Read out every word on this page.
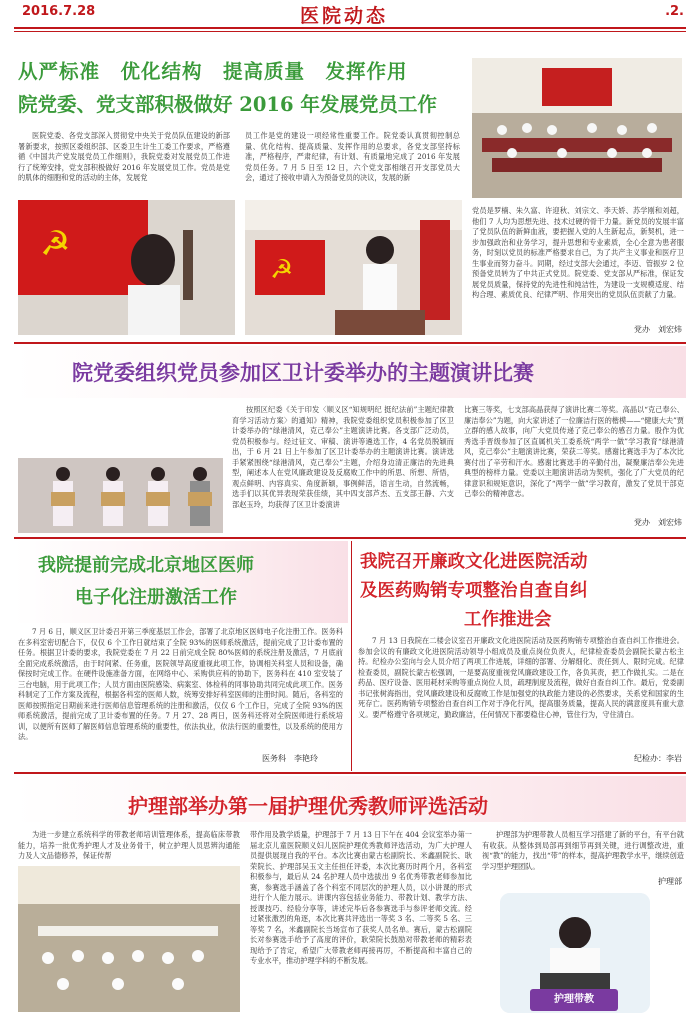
2016.7.28	医院动态	.2.
从严标准　优化结构　提高质量　发挥作用
院党委、党支部积极做好 2016 年发展党员工作
医院党委、各党支部深入贯彻党中央关于党员队伍建设的新部署新要求，按照区委组织部、区委卫生计生工委工作要求，严格遵循《中国共产党发展党员工作细则》，我院党委对发展党员工作进行了统筹安排，党支部积极做好 2016 年发展党员工作。党员是党的肌体的细胞和党的活动的主体，发展党
员工作是党的建设一项经常性重要工作。院党委认真贯彻控制总量、优化结构、提高质量、发挥作用的总要求，各党支部坚持标准，严格程序，严肃纪律，有计划、有质量地完成了 2016 年发展党员任务。7 月 5 日至 12 日，六个党支部相继召开支部党员大会，通过了接收申请入为预备党员的决议，发展的新
☭
☭
党员是罗楠、朱久富、许迎秋、刘宗文、李天娇、苏学刚和刘超，他们 7 人均为思想先进、技术过硬的骨干力量。新党员的发展丰富了党员队伍的新鲜血液，要把握入党的人生新起点，新契机，进一步加强政治和业务学习，提升思想和专业素质，全心全意为患者服务，时刻以党员的标准严格要求自己，为了共产主义事业和医疗卫生事业而努力奋斗。同期，经过支部大会通过，李迈、管振岁 2 位预备党员转为了中共正式党员。院党委、党支部从严标准，保证发展党员质量，保持党的先进性和纯洁性，为建设一支规模适度、结构合理、素质优良、纪律严明、作用突出的党员队伍贡献了力量。
党办　刘宏炜
院党委组织党员参加区卫计委举办的主题演讲比赛
按照区纪委《关于印发〈顺义区“知规明纪 挺纪法前”主题纪律教育学习活动方案〉的通知》精神，我院党委组织党员积极参加了区卫计委举办的“绿港清风，克己奉公”主题演讲比赛。各支部广泛动员，党员积极参与。经过征文、审稿、演讲等遴选工作，4 名党员脱颖而出，于 6 月 21 日上午参加了区卫计委举办的主题演讲比赛。演讲选手紧紧围绕“绿港清风，克己奉公”主题，介绍身边清正廉洁的先进典型，阐述本人在党风廉政建设及反腐败工作中的所思、所想、所悟，观点鲜明、内容真实、角度新颖，事例鲜活，语言生动，自然流畅，选手们以其优异表现荣获佳绩，其中四支部芦杰、五支部王静、六支部赵玉玲，均获得了区卫计委演讲
比赛三等奖，七支部高晶获得了演讲比赛二等奖。高晶以“克己奉公、廉洁奉公”为题，向大家讲述了一位廉洁行医的楷模——“健康大夫”贾立群的感人故事，向广大党员传递了克己奉公的感召力量。殷作为优秀选手晋级参加了区直属机关工委系统“两学一做”学习教育“绿港清风，克己奉公”主题演讲比赛，荣获二等奖。感谢比赛选手为了本次比赛付出了辛劳和汗水。感谢比赛选手的辛勤付出，凝聚廉洁奉公先进典型的榜样力量。党委以主题演讲活动为契机，强化了广大党员的纪律意识和规矩意识，深化了“两学一做”学习教育，激发了党员干部克己奉公的精神意志。
党办　刘宏炜
我院提前完成北京地区医师
电子化注册激活工作
7 月 6 日，顺义区卫计委召开第三季度基层工作会，部署了北京地区医师电子化注册工作。医务科在多科室密切配合下，仅仅 6 个工作日就结束了全院 93%的医师系统激活，提前完成了卫计委布置的任务。根据卫计委的要求，我院党委在 7 月 22 日前完成全院 80%医师的系统注册及激活，7 月底前全面完成系统激活，由于时间紧、任务重，医院领导高度重视此项工作，协调相关科室人员和设备，确保按时完成工作。在硬件设施准备方面，在网络中心、采购供应科的协助下，医务科在 410 室安装了三台电脑，用于此项工作；人员方面由医院感染、病案室、体检科的同事协助共同完成此项工作。医务科制定了工作方案及流程，根据各科室的医师人数，统筹安排好科室医师的注册时间。随后，各科室的医师按照指定日期前来进行医师信息管理系统的注册和激活，仅仅 6 个工作日，完成了全院 93%的医师系统激活，提前完成了卫计委布置的任务。7 月 27、28 两日，医务科还将对全院医师进行系统培训，以便所有医师了解医师信息管理系统的重要性，依法执业，依法行医的重要性，以及系统的使用方法。
医务科　李艳玲
我院召开廉政文化进医院活动
及医药购销专项整治自查自纠
工作推进会
7 月 13 日我院在二楼会议室召开廉政文化进医院活动及医药购销专项整治自查自纠工作推进会。参加会议的有廉政文化进医院活动领导小组成员及重点岗位负责人，纪律检查委员会副院长蒙古松主持。纪检办公室向与会人员介绍了两项工作进展，详细的部署、分解细化、责任到人、限时完成。纪律检查委员，副院长蒙古松强调，一是要高度重视党风廉政建设工作，各负其责，把工作做扎实。二是在药品、医疗设备、医用耗材采购等重点岗位人员，疏理制度及流程，做好自查自纠工作。最后，党委副书记张树海指出，党风廉政建设和反腐败工作是加强党的执政能力建设的必然要求，关系党和国家的生死存亡。医药购销专项整治自查自纠工作对于净化行风，提高服务质量，提高人民的满意度具有重大意义。要严格遵守各项规定，勤政廉洁，任何情况下都要稳住心神，管住行为，守住清白。
纪检办：李岩
护理部举办第一届护理优秀教师评选活动
为进一步建立系统科学的带教老师培训管理体系，提高临床带教能力，培养一批优秀护理人才及业务骨干，树立护理人员思辨沟通能力及人文品德修养，保证传帮
带作用及教学质量，护理部于 7 月 13 日下午在 404 会议室举办第一届北京儿童医院顺义妇儿医院护理优秀教师评选活动，为广大护理人员提供展现自我的平台。本次比赛由蒙古松副院长、米鑫副院长、耿荣院长、护理部吴玉文主任担任评委，本次比赛历时两个月，各科室积极参与，最后从 24 名护理人员中选拔出 9 名优秀带教老师参加比赛，参赛选手涵盖了各个科室不同层次的护理人员，以小讲课的形式进行个人能力展示。讲课内容包括业务能力、带教计划、教学方法、授课技巧、经验分享等，讲述完毕后各参赛选手与参评老师交流。经过紧张激烈的角逐，本次比赛共评选出一等奖 3 名、二等奖 5 名、三等奖 7 名，米鑫副院长当场宣布了获奖人员名单。赛后，蒙古松副院长对参赛选手给予了高度的评价，耿荣院长鼓励对带教老师的精彩表现给予了肯定，希望广大带教老师再接再厉，不断提高和丰富自己的专业水平，推动护理学科的不断发展。
护理部为护理带教人员相互学习搭建了新的平台，有平台就有收获。从整体到局部再到细节再到关键，进行调整改进，重视“教”的能力，找出“带”的样本，提高护理教学水平，继续创造学习型护理团队。
护理部
护理带教
